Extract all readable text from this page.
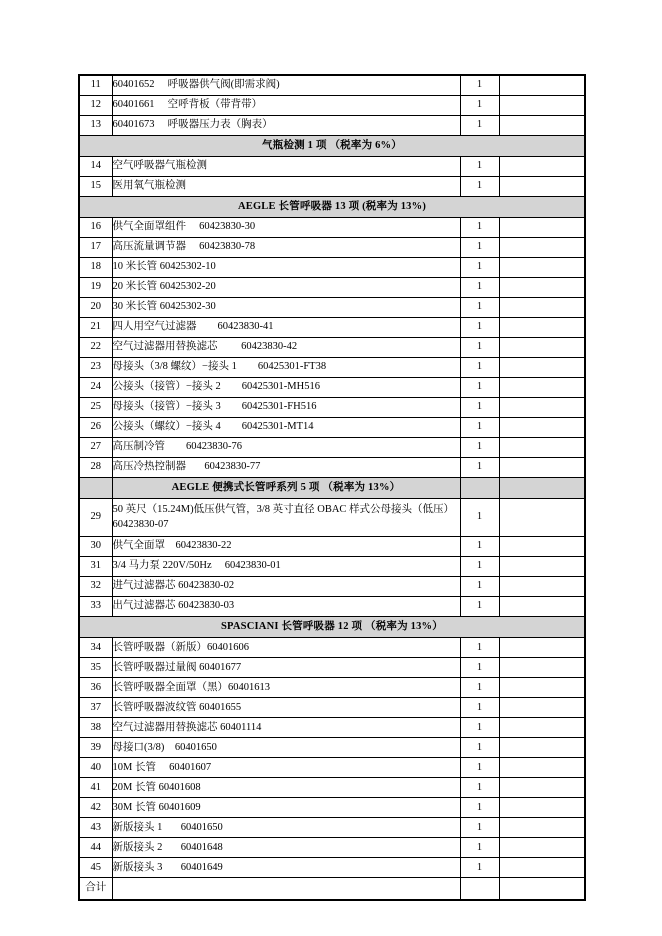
11	60401652     呼吸器供气阀(即需求阀)	1	
12	60401661     空呼背板（带背带）	1	
13	60401673     呼吸器压力表（胸表）	1	
气瓶检测 1 项 （税率为 6%）			
14	空气呼吸器气瓶检测	1	
15	医用氧气瓶检测	1	
AEGLE 长管呼吸器 13 项 (税率为 13%)			
16	供气全面罩组件     60423830-30	1	
17	高压流量调节器     60423830-78	1	
18	10 米长管 60425302-10	1	
19	20 米长管 60425302-20	1	
20	30 米长管 60425302-30	1	
21	四人用空气过滤器        60423830-41	1	
22	空气过滤器用替换滤芯         60423830-42	1	
23	母接头（3/8 螺纹）−接头 1        60425301-FT38	1	
24	公接头（接管）−接头 2        60425301-MH516	1	
25	母接头（接管）−接头 3        60425301-FH516	1	
26	公接头（螺纹）−接头 4        60425301-MT14	1	
27	高压制冷管        60423830-76	1	
28	高压冷热控制器       60423830-77	1	
	AEGLE 便携式长管呼系列 5 项 （税率为 13%）		
29	50 英尺（15.24M)低压供气管，3/8 英寸直径 OBAC 样式公母接头（低压）
60423830-07	1	
30	供气全面罩    60423830-22	1	
31	3/4 马力泵 220V/50Hz     60423830-01	1	
32	进气过滤器芯 60423830-02	1	
33	出气过滤器芯 60423830-03	1	
SPASCIANI 长管呼吸器 12 项 （税率为 13%）			
34	长管呼吸器（新版）60401606	1	
35	长管呼吸器过量阀 60401677	1	
36	长管呼吸器全面罩（黑）60401613	1	
37	长管呼吸器波纹管 60401655	1	
38	空气过滤器用替换滤芯 60401114	1	
39	母接口(3/8)    60401650	1	
40	10M 长管     60401607	1	
41	20M 长管 60401608	1	
42	30M 长管 60401609	1	
43	新版接头 1       60401650	1	
44	新版接头 2       60401648	1	
45	新版接头 3       60401649	1	
合计			
